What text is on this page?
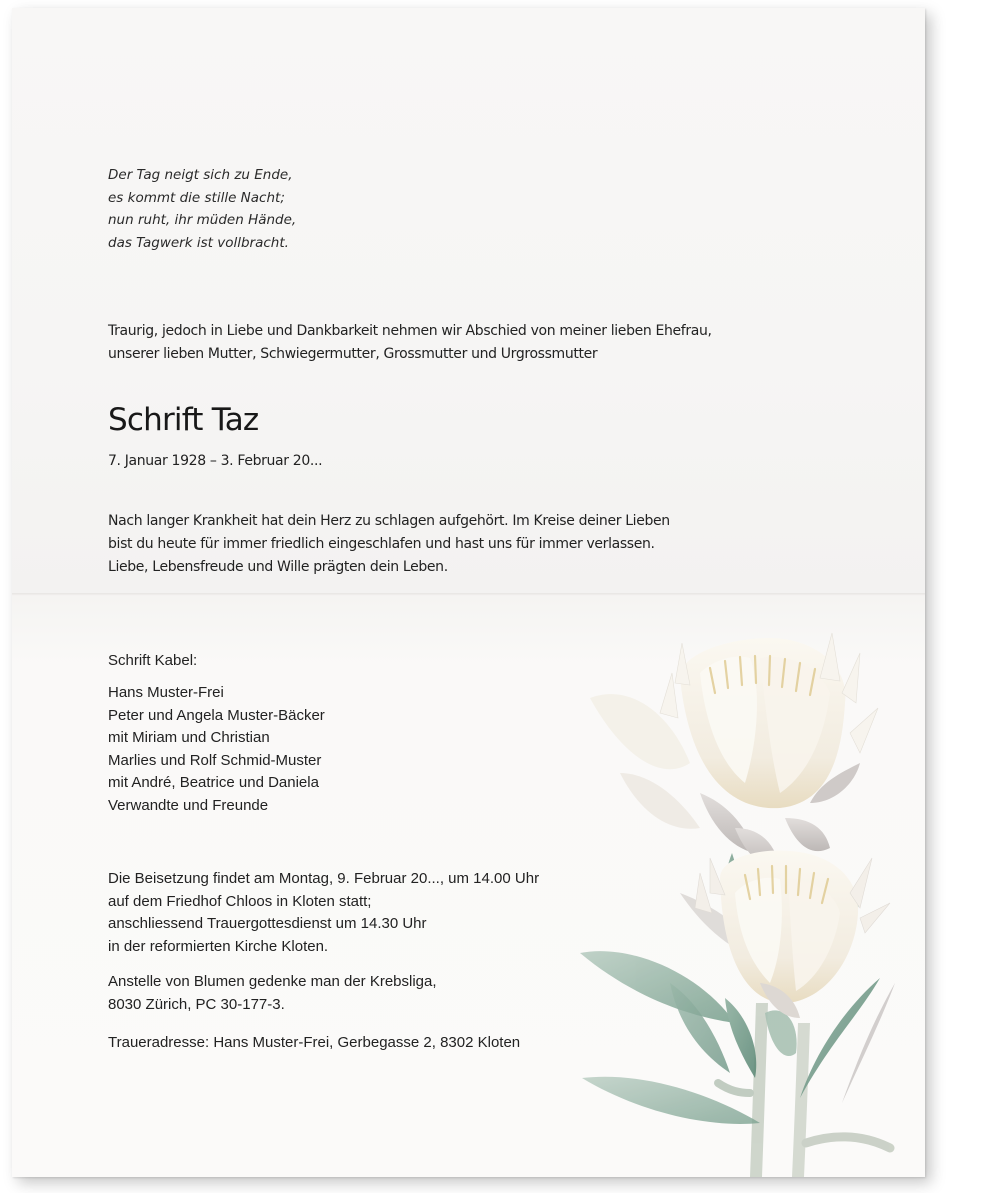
Der Tag neigt sich zu Ende,
es kommt die stille Nacht;
nun ruht, ihr müden Hände,
das Tagwerk ist vollbracht.
Traurig, jedoch in Liebe und Dankbarkeit nehmen wir Abschied von meiner lieben Ehefrau,
unserer lieben Mutter, Schwiegermutter, Grossmutter und Urgrossmutter
Schrift Taz
7. Januar 1928 – 3. Februar 20...
Nach langer Krankheit hat dein Herz zu schlagen aufgehört. Im Kreise deiner Lieben
bist du heute für immer friedlich eingeschlafen und hast uns für immer verlassen.
Liebe, Lebensfreude und Wille prägten dein Leben.
Schrift Kabel:
Hans Muster-Frei
Peter und Angela Muster-Bäcker
mit Miriam und Christian
Marlies und Rolf Schmid-Muster
mit André, Beatrice und Daniela
Verwandte und Freunde
Die Beisetzung findet am Montag, 9. Februar 20..., um 14.00 Uhr
auf dem Friedhof Chloos in Kloten statt;
anschliessend Trauergottesdienst um 14.30 Uhr
in der reformierten Kirche Kloten.
Anstelle von Blumen gedenke man der Krebsliga,
8030 Zürich, PC 30-177-3.
Traueradresse: Hans Muster-Frei, Gerbegasse 2, 8302 Kloten
